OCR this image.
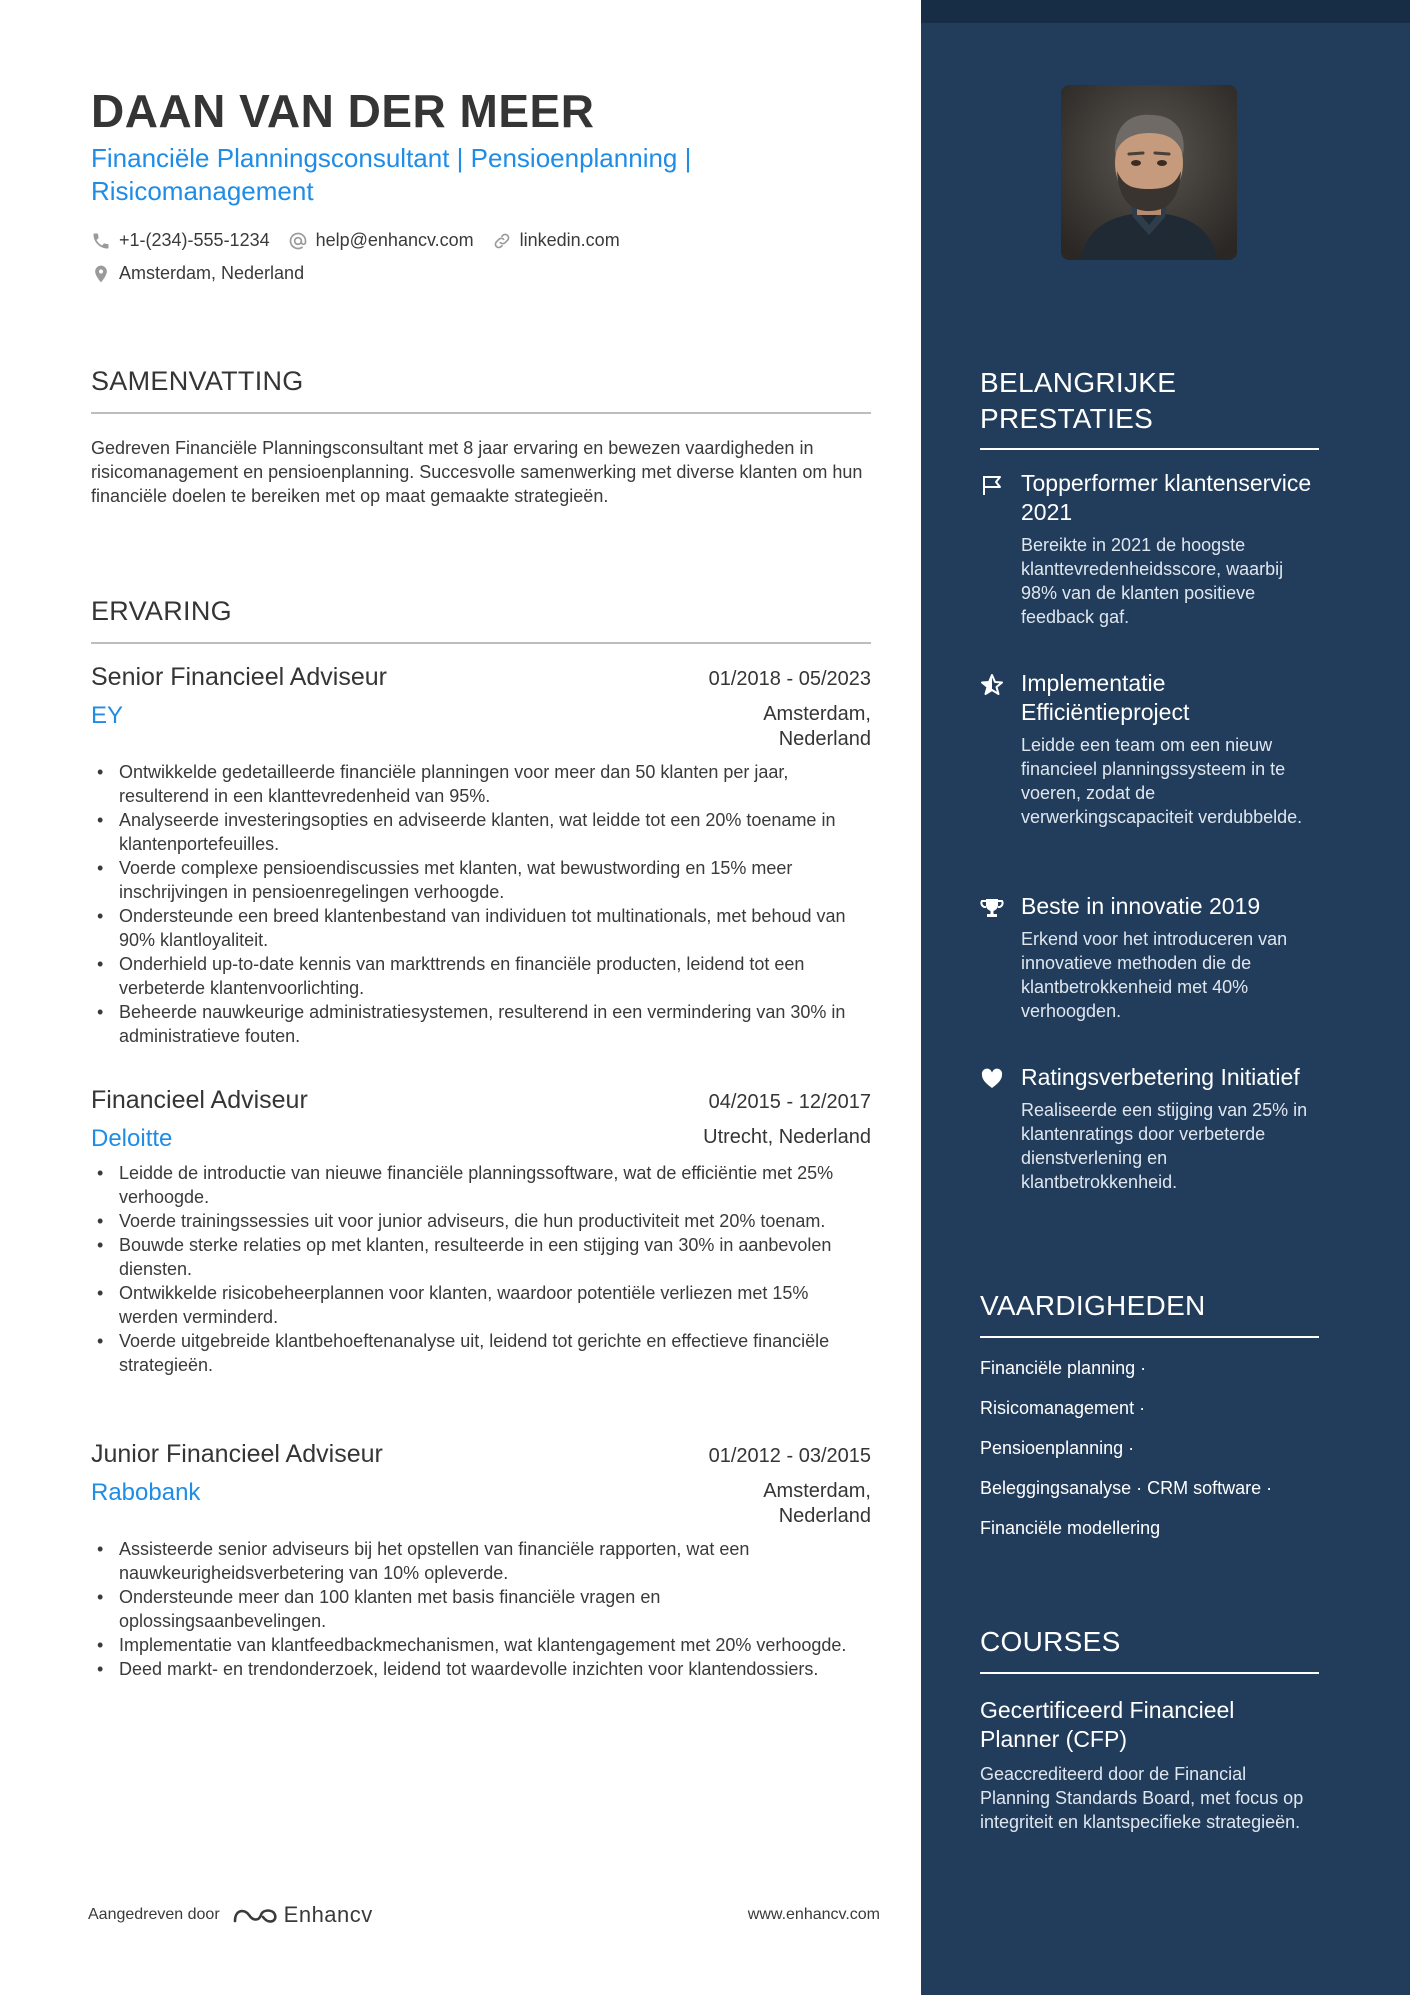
DAAN VAN DER MEER
Financiële Planningsconsultant | Pensioenplanning | Risicomanagement
+1-(234)-555-1234	help@enhancv.com	linkedin.com
Amsterdam, Nederland
SAMENVATTING
Gedreven Financiële Planningsconsultant met 8 jaar ervaring en bewezen vaardigheden in risicomanagement en pensioenplanning. Succesvolle samenwerking met diverse klanten om hun financiële doelen te bereiken met op maat gemaakte strategieën.
ERVARING
Senior Financieel Adviseur	01/2018 - 05/2023
EY	Amsterdam,
Nederland
• Ontwikkelde gedetailleerde financiële planningen voor meer dan 50 klanten per jaar, resulterend in een klanttevredenheid van 95%.
• Analyseerde investeringsopties en adviseerde klanten, wat leidde tot een 20% toename in klantenportefeuilles.
• Voerde complexe pensioendiscussies met klanten, wat bewustwording en 15% meer inschrijvingen in pensioenregelingen verhoogde.
• Ondersteunde een breed klantenbestand van individuen tot multinationals, met behoud van 90% klantloyaliteit.
• Onderhield up-to-date kennis van markttrends en financiële producten, leidend tot een verbeterde klantenvoorlichting.
• Beheerde nauwkeurige administratiesystemen, resulterend in een vermindering van 30% in administratieve fouten.
Financieel Adviseur	04/2015 - 12/2017
Deloitte	Utrecht, Nederland
• Leidde de introductie van nieuwe financiële planningssoftware, wat de efficiëntie met 25% verhoogde.
• Voerde trainingssessies uit voor junior adviseurs, die hun productiviteit met 20% toenam.
• Bouwde sterke relaties op met klanten, resulteerde in een stijging van 30% in aanbevolen diensten.
• Ontwikkelde risicobeheerplannen voor klanten, waardoor potentiële verliezen met 15% werden verminderd.
• Voerde uitgebreide klantbehoeftenanalyse uit, leidend tot gerichte en effectieve financiële strategieën.
Junior Financieel Adviseur	01/2012 - 03/2015
Rabobank	Amsterdam,
Nederland
• Assisteerde senior adviseurs bij het opstellen van financiële rapporten, wat een nauwkeurigheidsverbetering van 10% opleverde.
• Ondersteunde meer dan 100 klanten met basis financiële vragen en oplossingsaanbevelingen.
• Implementatie van klantfeedbackmechanismen, wat klantengagement met 20% verhoogde.
• Deed markt- en trendonderzoek, leidend tot waardevolle inzichten voor klantendossiers.
Aangedreven door	Enhancv	www.enhancv.com
BELANGRIJKE PRESTATIES
Topperformer klantenservice 2021
Bereikte in 2021 de hoogste klanttevredenheidsscore, waarbij 98% van de klanten positieve feedback gaf.
Implementatie Efficiëntieproject
Leidde een team om een nieuw financieel planningssysteem in te voeren, zodat de verwerkingscapaciteit verdubbelde.
Beste in innovatie 2019
Erkend voor het introduceren van innovatieve methoden die de klantbetrokkenheid met 40% verhoogden.
Ratingsverbetering Initiatief
Realiseerde een stijging van 25% in klantenratings door verbeterde dienstverlening en klantbetrokkenheid.
VAARDIGHEDEN
Financiële planning ·
Risicomanagement ·
Pensioenplanning ·
Beleggingsanalyse · CRM software ·
Financiële modellering
COURSES
Gecertificeerd Financieel Planner (CFP)
Geaccrediteerd door de Financial Planning Standards Board, met focus op integriteit en klantspecifieke strategieën.
